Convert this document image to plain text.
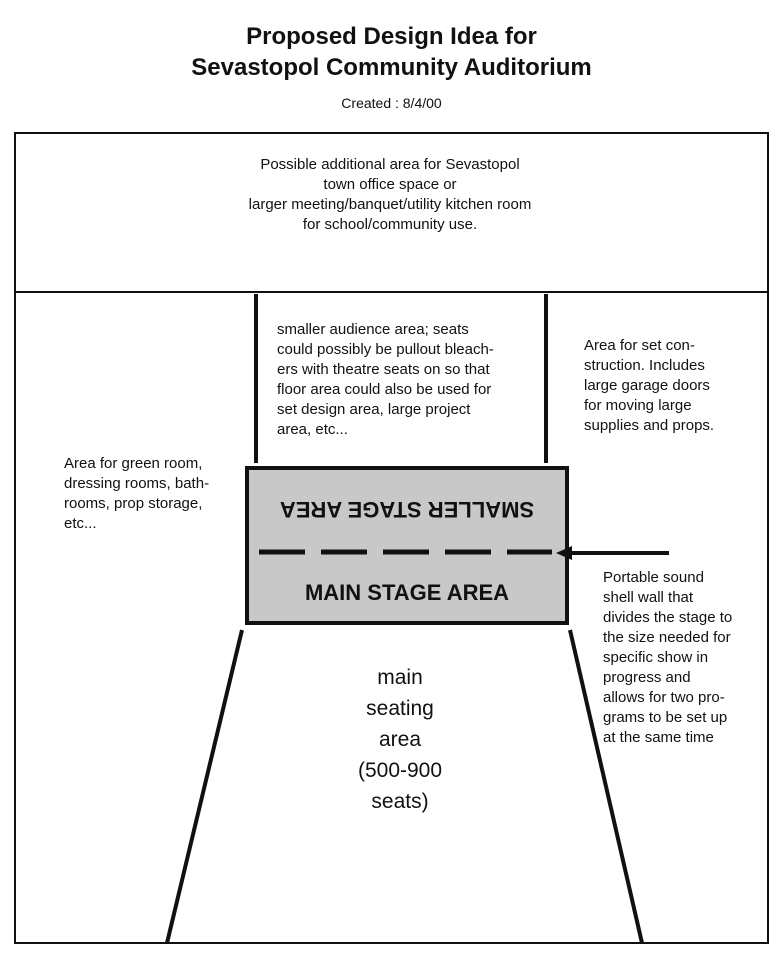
Proposed Design Idea for
Sevastopol Community Auditorium
Created : 8/4/00
Possible additional area for Sevastopol
town office space or
larger meeting/banquet/utility kitchen room
for school/community use.
smaller audience area; seats
could possibly be pullout bleach-
ers with theatre seats on so that
floor area could also be used for
set design area, large project
area, etc...
Area for set con-
struction. Includes
large garage doors
for moving large
supplies and props.
Area for green room,
dressing rooms, bath-
rooms, prop storage,
etc...
SMALLER STAGE AREA
MAIN STAGE AREA
Portable sound
shell wall that
divides the stage to
the size needed for
specific show in
progress and
allows for two pro-
grams to be set up
at the same time
main
seating
area
(500-900
seats)
